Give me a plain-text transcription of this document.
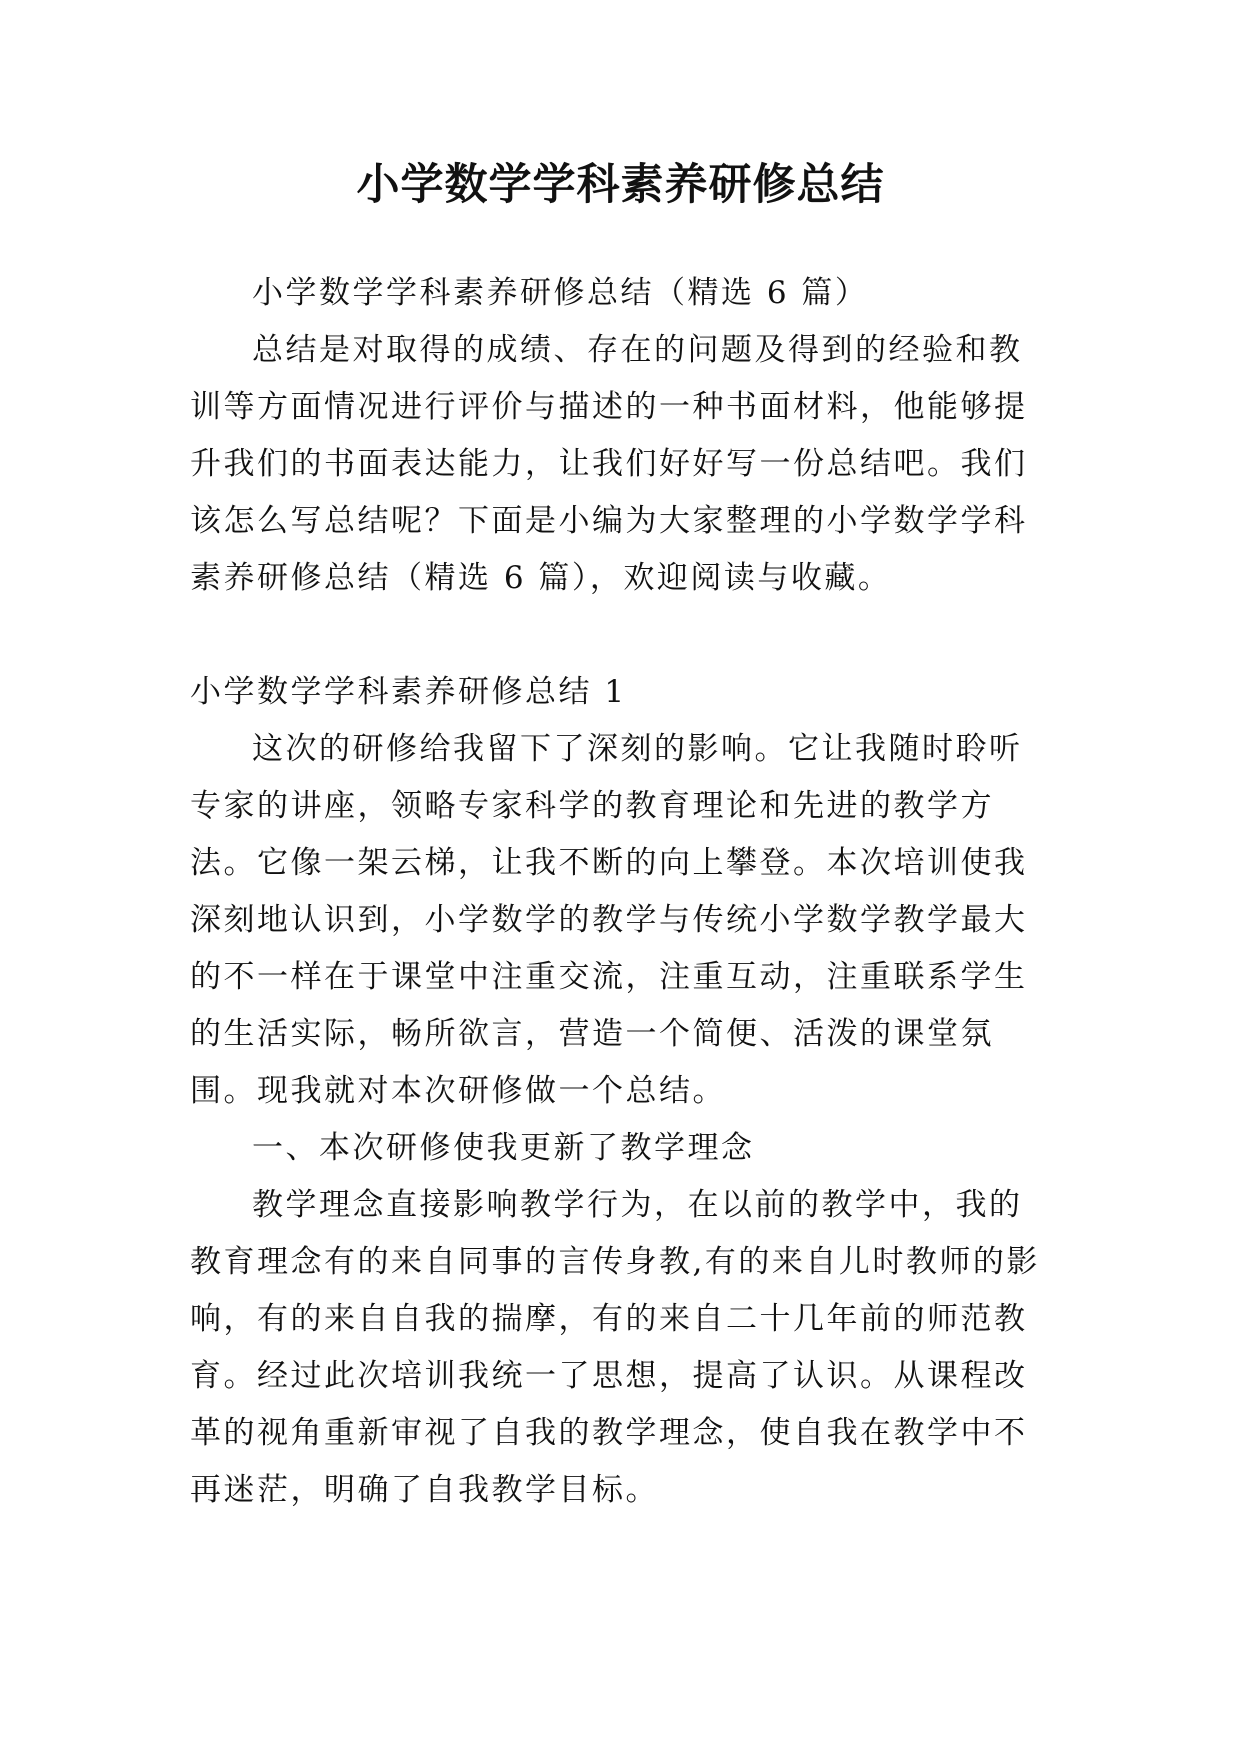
小学数学学科素养研修总结

小学数学学科素养研修总结（精选 6 篇）

总结是对取得的成绩、存在的问题及得到的经验和教训等方面情况进行评价与描述的一种书面材料，他能够提升我们的书面表达能力，让我们好好写一份总结吧。我们该怎么写总结呢？下面是小编为大家整理的小学数学学科素养研修总结（精选 6 篇），欢迎阅读与收藏。

小学数学学科素养研修总结 1

这次的研修给我留下了深刻的影响。它让我随时聆听专家的讲座，领略专家科学的教育理论和先进的教学方法。它像一架云梯，让我不断的向上攀登。本次培训使我深刻地认识到，小学数学的教学与传统小学数学教学最大的不一样在于课堂中注重交流，注重互动，注重联系学生的生活实际，畅所欲言，营造一个简便、活泼的课堂氛围。现我就对本次研修做一个总结。

一、本次研修使我更新了教学理念

教学理念直接影响教学行为，在以前的教学中，我的教育理念有的来自同事的言传身教,有的来自儿时教师的影响，有的来自自我的揣摩，有的来自二十几年前的师范教育。经过此次培训我统一了思想，提高了认识。从课程改革的视角重新审视了自我的教学理念，使自我在教学中不再迷茫，明确了自我教学目标。
